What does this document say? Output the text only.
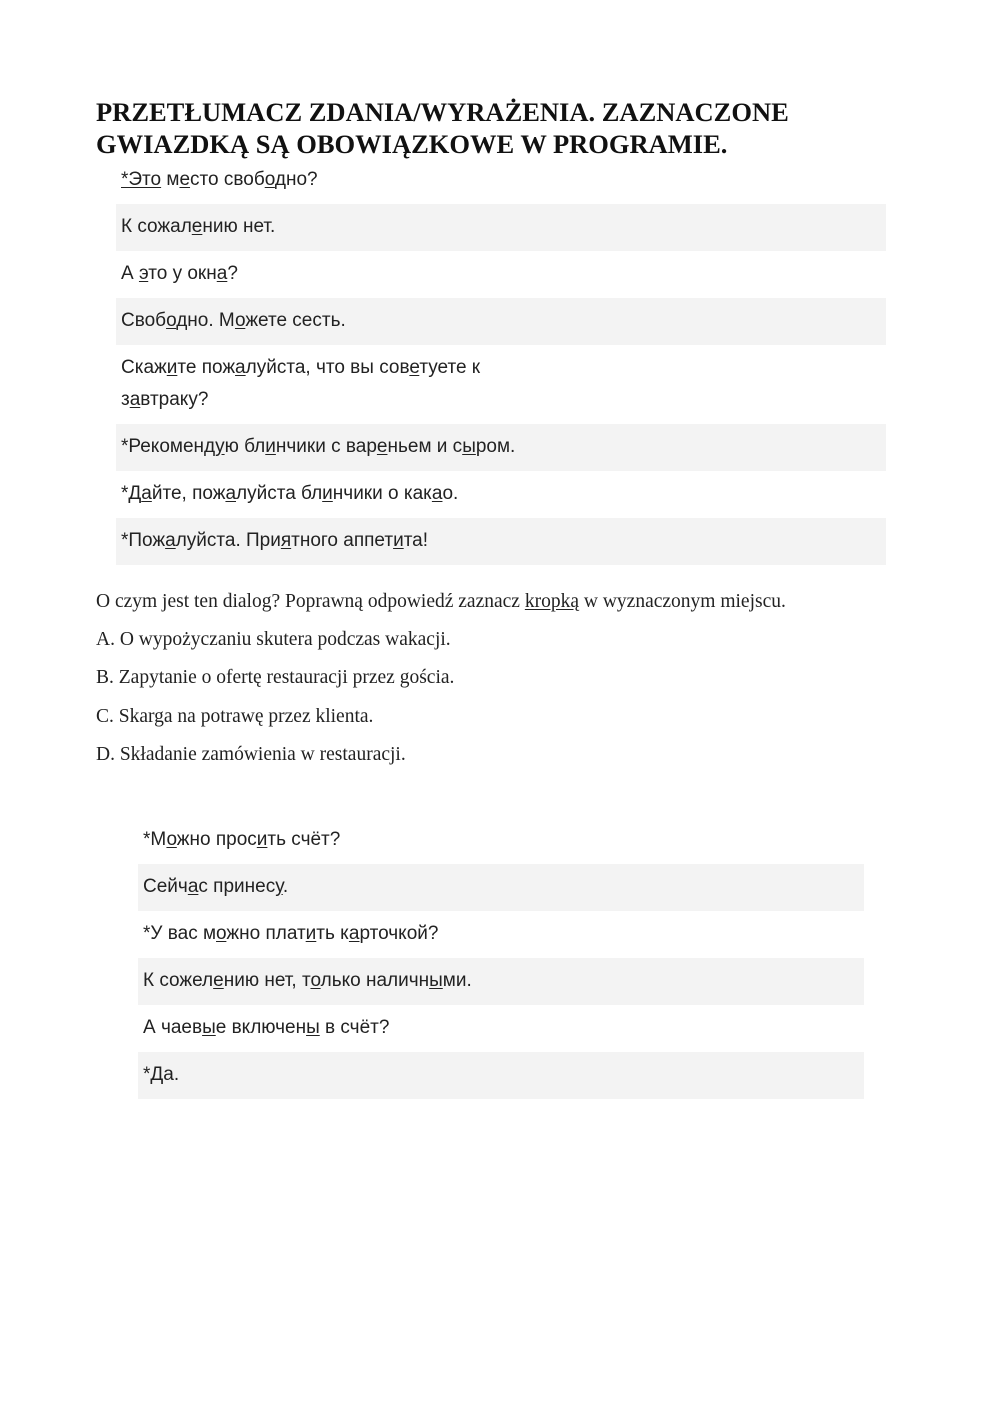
PRZETŁUMACZ ZDANIA/WYRAŻENIA. ZAZNACZONE GWIAZDKĄ SĄ OBOWIĄZKOWE W PROGRAMIE.
*Это место свободно?
К сожалению нет.
А это у окна?
Свободно. Можете сесть.
Скажите пожалуйста, что вы советуете к завтраку?
*Рекомендую блинчики с вареньем и сыром.
*Дайте, пожалуйста блинчики о какао.
*Пожалуйста. Приятного аппетита!

O czym jest ten dialog? Poprawną odpowiedź zaznacz kropką w wyznaczonym miejscu.

A. O wypożyczaniu skutera podczas wakacji.

B. Zapytanie o ofertę restauracji przez gościa.

C. Skarga na potrawę przez klienta.

D. Składanie zamówienia w restauracji.

*Можно просить счёт?
Сейчас принесу.
*У вас можно платить карточкой?
К сожелению нет, только наличными.
А чаевые включены в счёт?
*Да.
